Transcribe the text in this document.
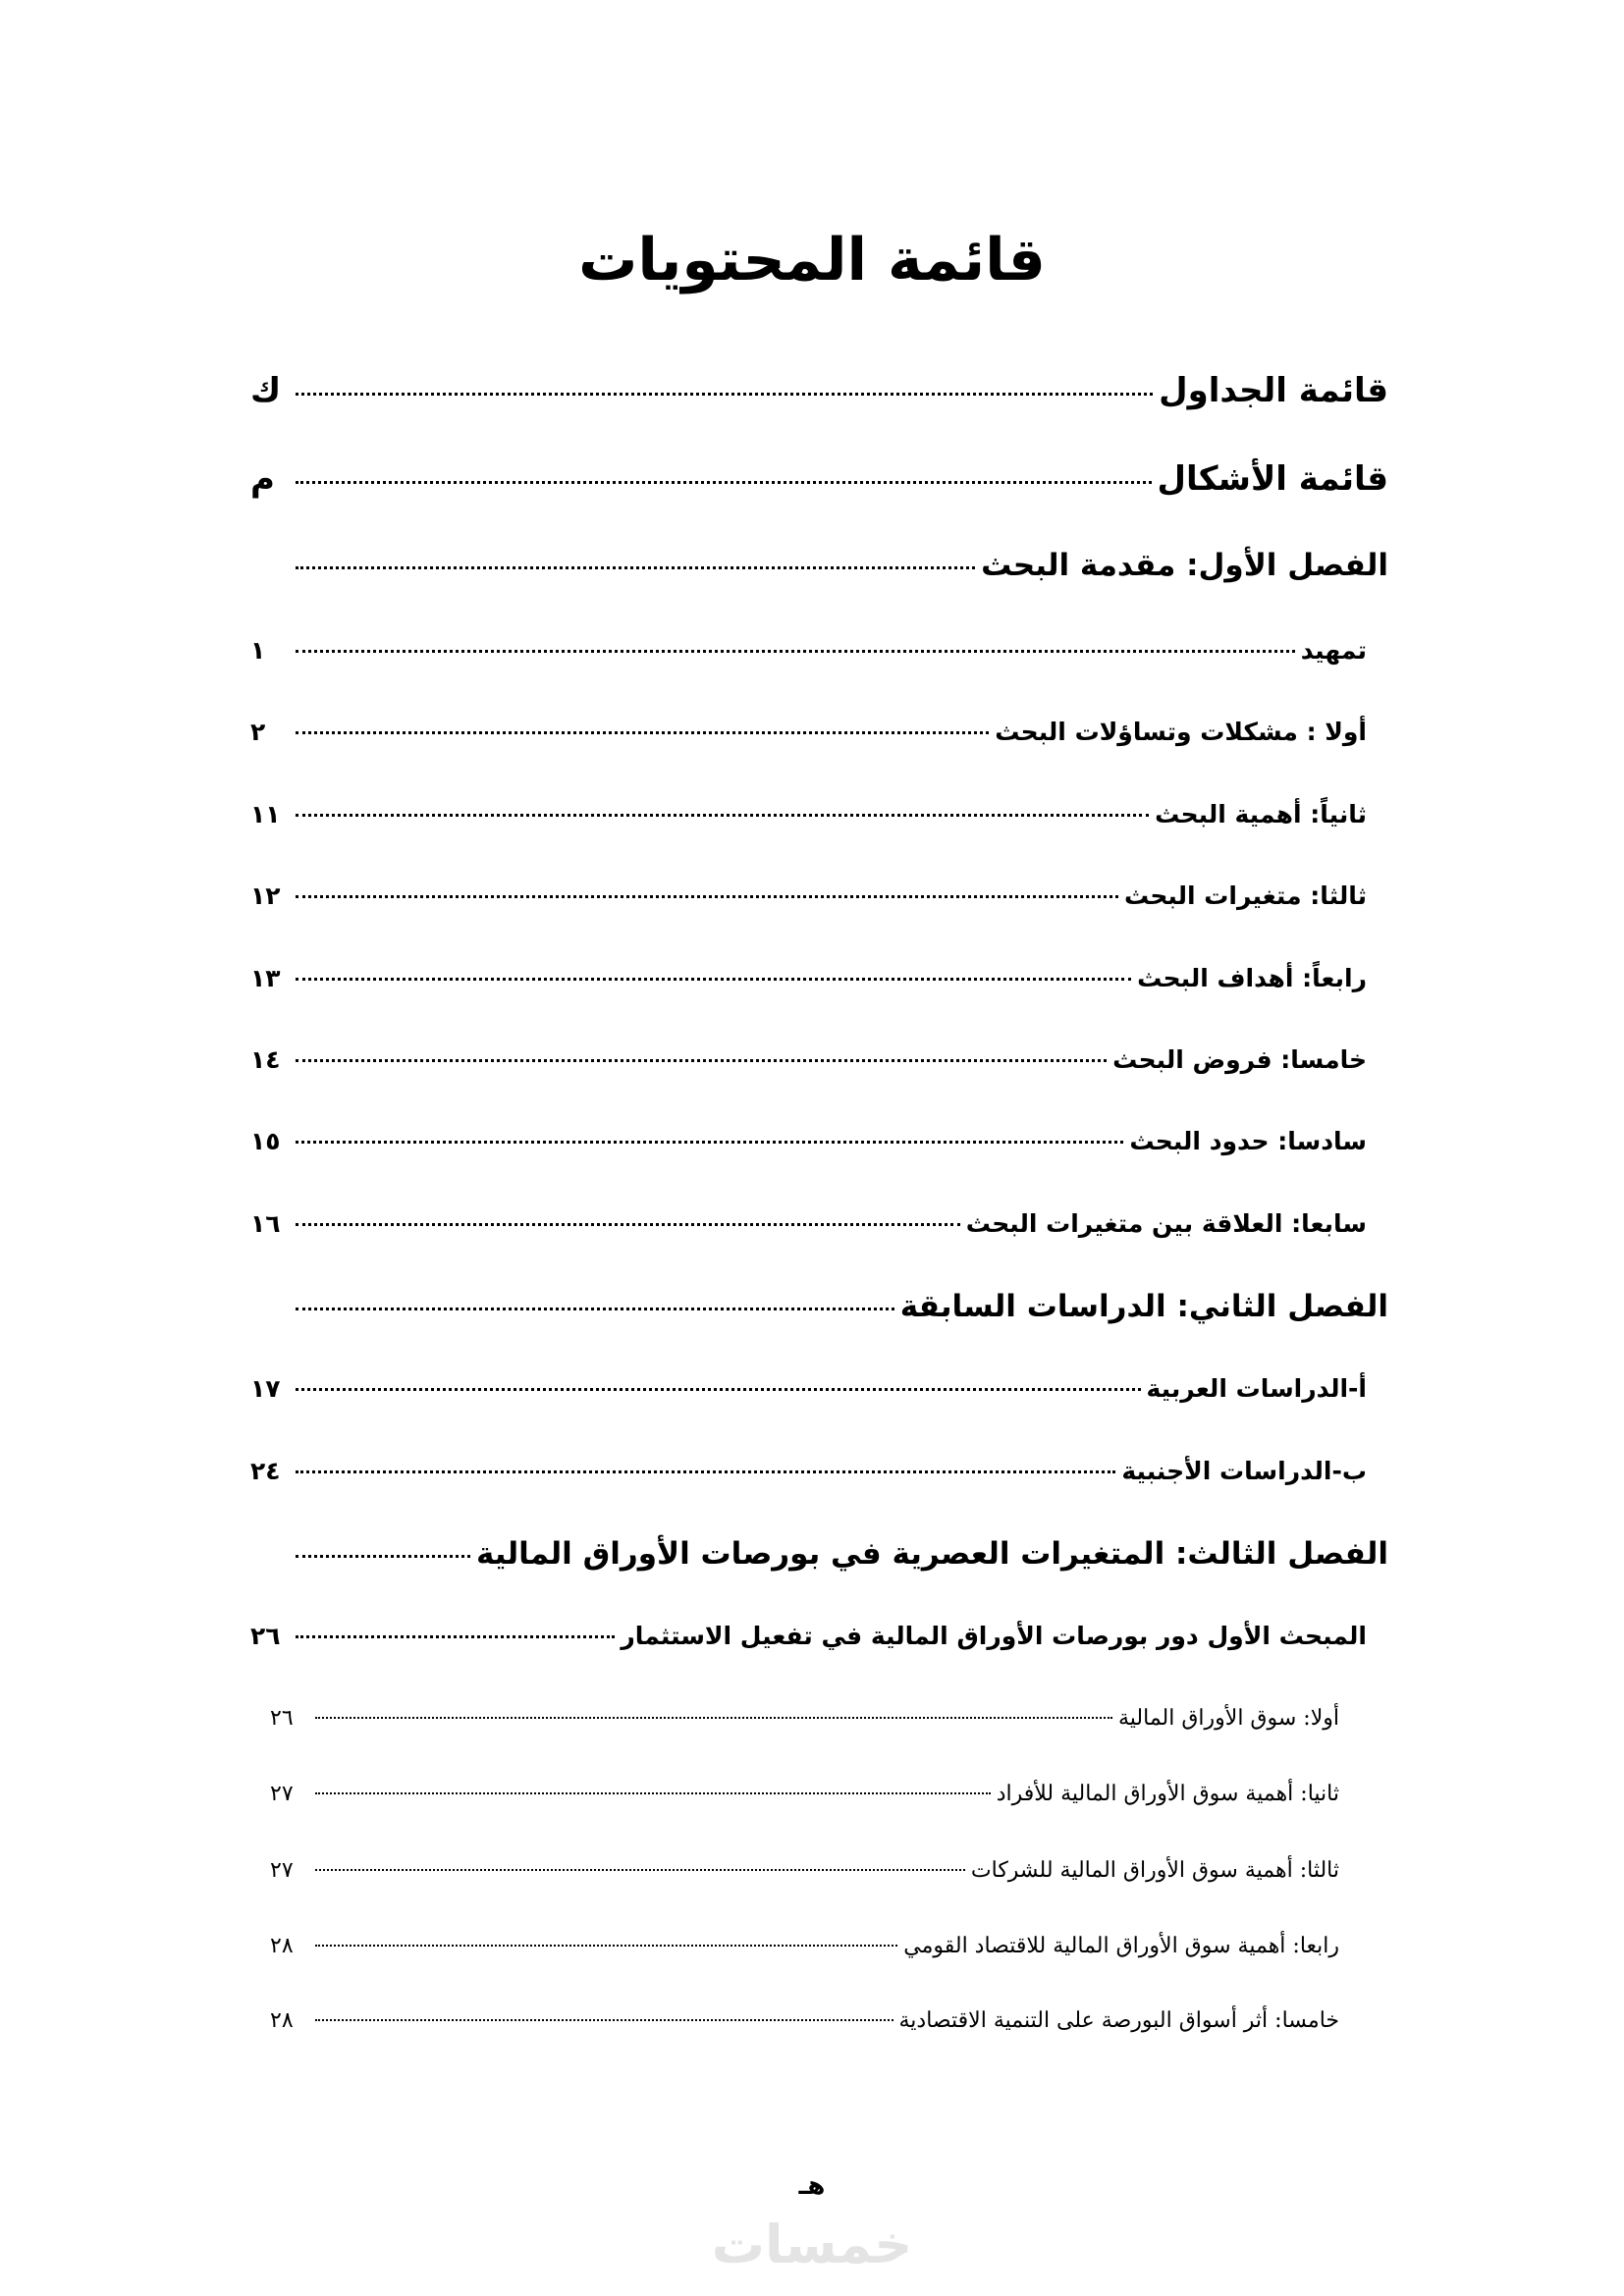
قائمة المحتويات
قائمة الجداول
ك
قائمة الأشكال
م
الفصل الأول: مقدمة البحث
تمهيد
١
أولا : مشكلات وتساؤلات البحث
٢
ثانياً: أهمية البحث
١١
ثالثا: متغيرات البحث
١٢
رابعاً: أهداف البحث
١٣
خامسا: فروض البحث
١٤
سادسا: حدود البحث
١٥
سابعا: العلاقة بين متغيرات البحث
١٦
الفصل الثاني: الدراسات السابقة
أ-الدراسات العربية
١٧
ب-الدراسات الأجنبية
٢٤
الفصل الثالث: المتغيرات العصرية في بورصات الأوراق المالية
المبحث الأول دور بورصات الأوراق المالية في تفعيل الاستثمار
٢٦
أولا: سوق الأوراق المالية
٢٦
ثانيا: أهمية سوق الأوراق المالية للأفراد
٢٧
ثالثا: أهمية سوق الأوراق المالية للشركات
٢٧
رابعا: أهمية سوق الأوراق المالية للاقتصاد القومي
٢٨
خامسا: أثر أسواق البورصة على التنمية الاقتصادية
٢٨
هـ
خمسات
